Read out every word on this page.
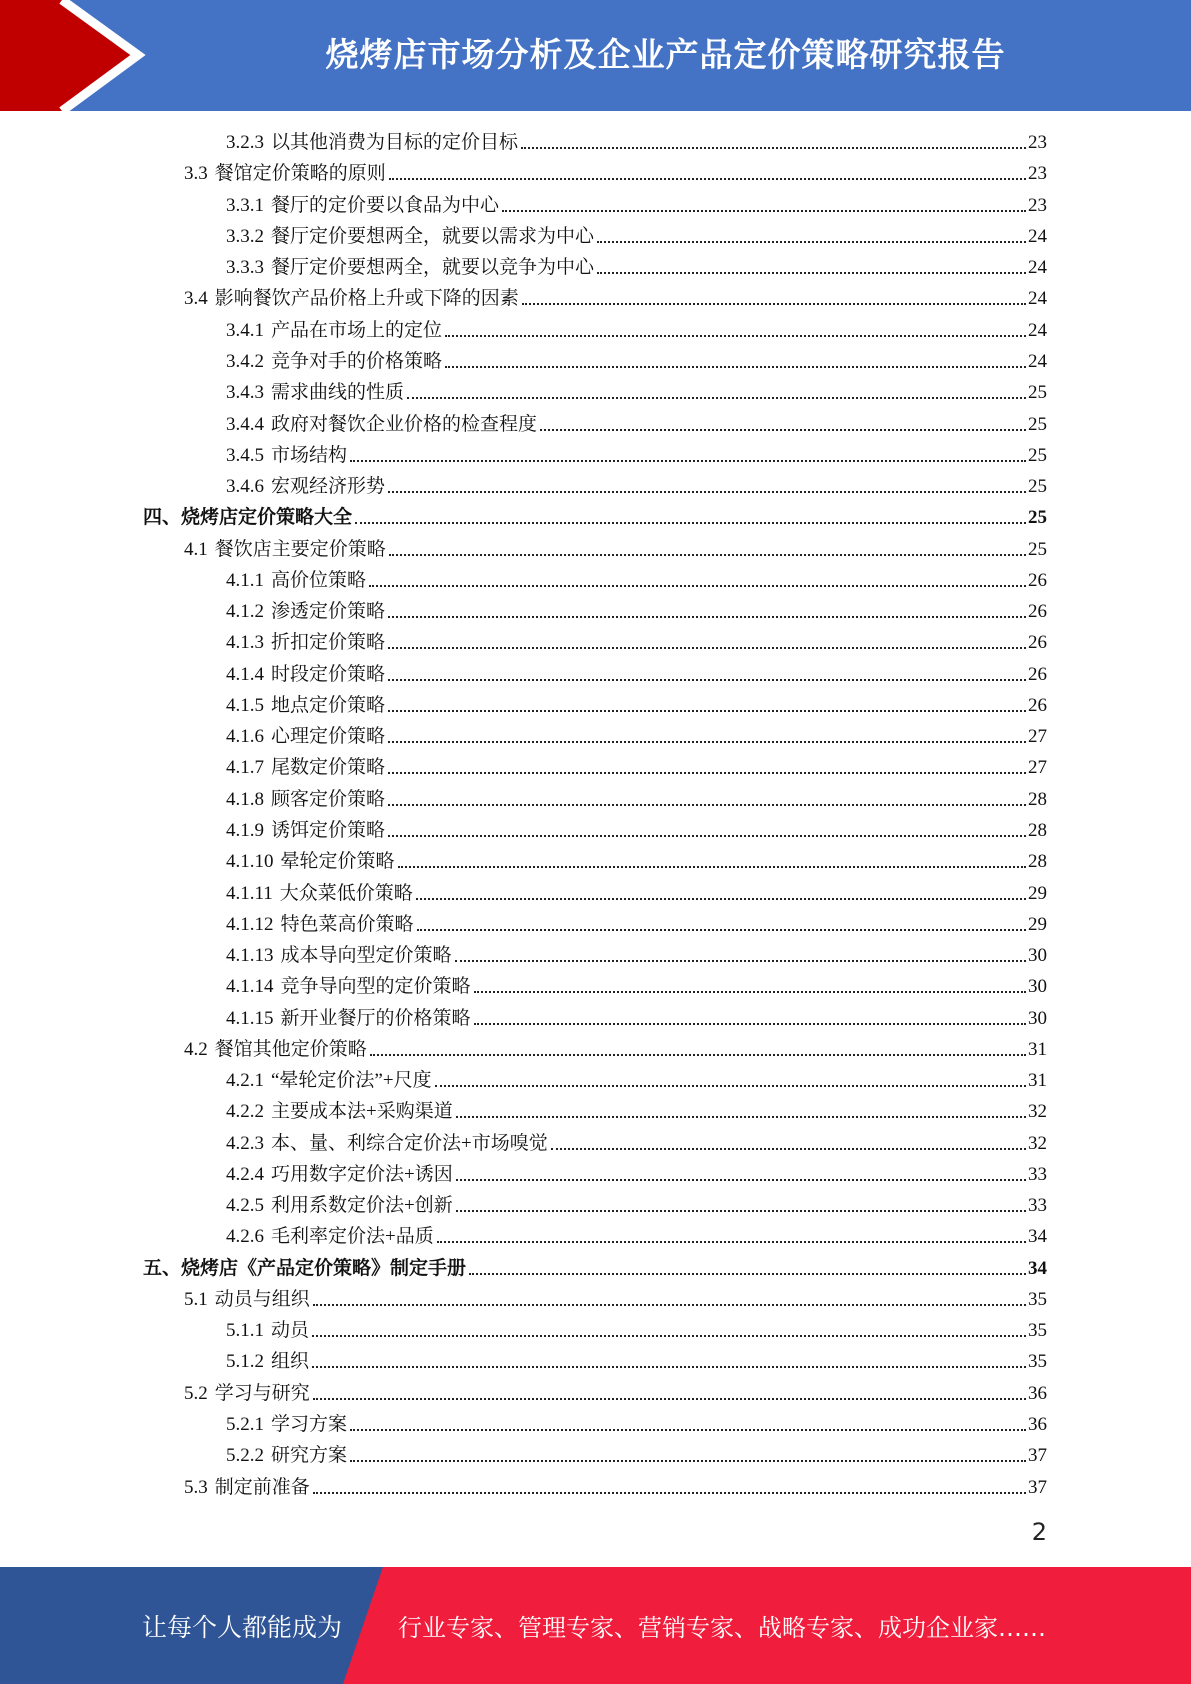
烧烤店市场分析及企业产品定价策略研究报告
3.2.3 以其他消费为目标的定价目标	23
3.3 餐馆定价策略的原则	23
3.3.1 餐厅的定价要以食品为中心	23
3.3.2 餐厅定价要想两全，就要以需求为中心	24
3.3.3 餐厅定价要想两全，就要以竞争为中心	24
3.4 影响餐饮产品价格上升或下降的因素	24
3.4.1 产品在市场上的定位	24
3.4.2 竞争对手的价格策略	24
3.4.3 需求曲线的性质	25
3.4.4 政府对餐饮企业价格的检查程度	25
3.4.5 市场结构	25
3.4.6 宏观经济形势	25
四、 烧烤店定价策略大全	25
4.1 餐饮店主要定价策略	25
4.1.1 高价位策略	26
4.1.2 渗透定价策略	26
4.1.3 折扣定价策略	26
4.1.4 时段定价策略	26
4.1.5 地点定价策略	26
4.1.6 心理定价策略	27
4.1.7 尾数定价策略	27
4.1.8 顾客定价策略	28
4.1.9 诱饵定价策略	28
4.1.10 晕轮定价策略	28
4.1.11 大众菜低价策略	29
4.1.12 特色菜高价策略	29
4.1.13 成本导向型定价策略	30
4.1.14 竞争导向型的定价策略	30
4.1.15 新开业餐厅的价格策略	30
4.2 餐馆其他定价策略	31
4.2.1 “晕轮定价法”+尺度	31
4.2.2 主要成本法+采购渠道	32
4.2.3 本、量、利综合定价法+市场嗅觉	32
4.2.4 巧用数字定价法+诱因	33
4.2.5 利用系数定价法+创新	33
4.2.6 毛利率定价法+品质	34
五、 烧烤店《产品定价策略》制定手册	34
5.1 动员与组织	35
5.1.1 动员	35
5.1.2 组织	35
5.2 学习与研究	36
5.2.1 学习方案	36
5.2.2 研究方案	37
5.3 制定前准备	37
2
让每个人都能成为 行业专家、管理专家、营销专家、战略专家、成功企业家……
